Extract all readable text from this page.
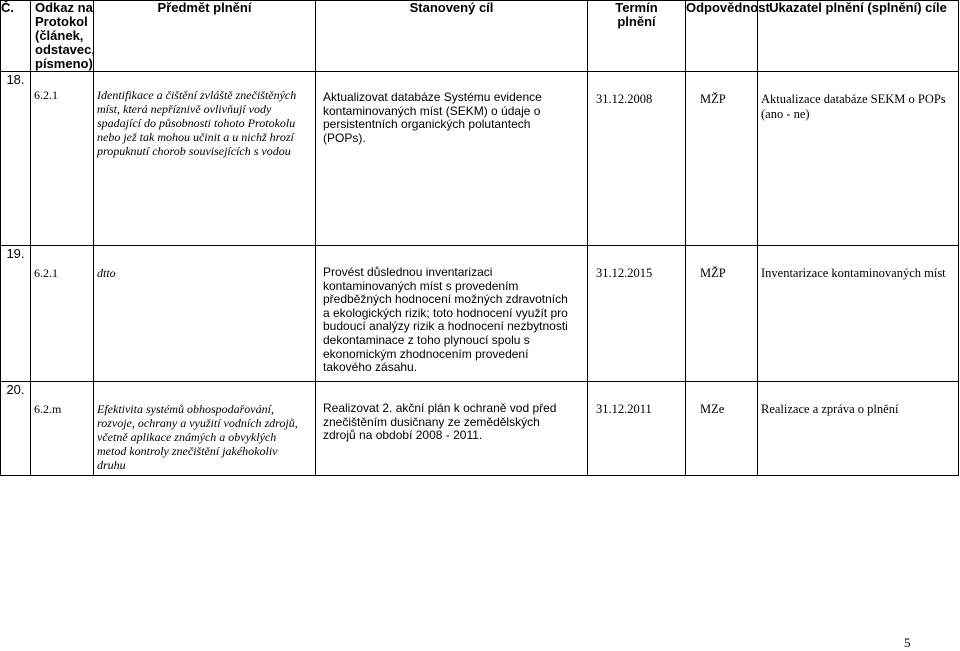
Č.	Odkaz na Protokol (článek, odstavec, písmeno)	Předmět plnění	Stanovený cíl	Termín plnění	Odpovědnost	Ukazatel plnění (splnění) cíle
18.	6.2.1	Identifikace a čištění zvláště znečištěných míst, která nepříznivě ovlivňují vody spadající do působnosti tohoto Protokolu nebo jež tak mohou učinit a u nichž hrozí propuknutí chorob souvisejících s vodou	Aktualizovat databáze Systému evidence kontaminovaných míst (SEKM) o údaje o persistentních organických polutantech (POPs).	31.12.2008	MŽP	Aktualizace databáze SEKM o POPs (ano - ne)

19.	6.2.1	dtto	Provést důslednou inventarizaci kontaminovaných míst s provedením předběžných hodnocení možných zdravotních a ekologických rizik; toto hodnocení využít pro budoucí analýzy rizik a hodnocení nezbytnosti dekontaminace z toho plynoucí spolu s ekonomickým zhodnocením provedení takového zásahu.	31.12.2015	MŽP	Inventarizace kontaminovaných míst

20.	6.2.m	Efektivita systémů obhospodařování, rozvoje, ochrany a využití vodních zdrojů, včetně aplikace známých a obvyklých metod kontroly znečištění jakéhokoliv druhu	Realizovat 2. akční plán k ochraně vod před znečištěním dusičnany ze zemědělských zdrojů na období 2008 - 2011.	31.12.2011	MZe	Realizace a zpráva o plnění
5
